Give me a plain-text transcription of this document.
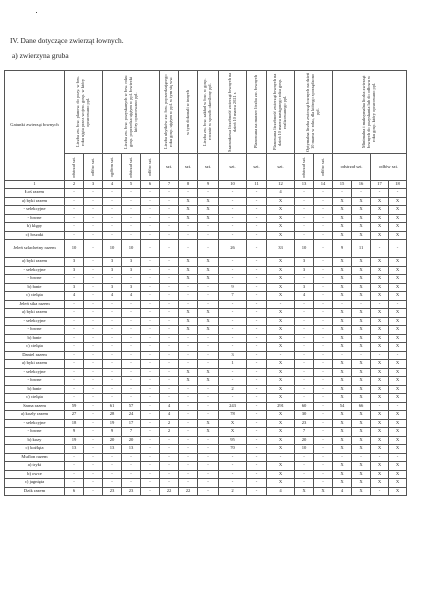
IV. Dane dotyczące zwierząt łownych.
a) zwierzyna gruba
Gatunki zwierząt łownych	Liczba zw. łow. planow. do pozy. w łow. roku ujęta przez wojew. gosp. w który opracowano ppl.		Liczba zw. łow. pozyskanych w łow. roku gosp. poprzedza ujętym w ppl. łowiecki który opracowano ppl.			Liczba ubytków zw. łow. poprzedzającego roku gosp. ujętym w ppl. w tym się ww.	w tym dokonali w innych	Liczba zw. łow. zakład w łow. w gosp. rocznie w sposób określony ppl.	Szacunkowa liczebność zwierząt łownych na dzień 10 marca 2021 r.	Planowana na marzec liczba zw. łownych	Planowana liczebność zwierząt łownych na dzień 10 marca następnego roku gosp. realizowanego ppl.	Optymalna liczba zwierząt łownych na dzień 10 marca w roku, dla którego sporządzono ppl.		Minimalna i maksymalna liczba zwierząt łownych do pozyskania lub do odłowu w roku gosp. który opracowano ppl.			

	odstrzał szt.	odłów szt.	ogółem szt.	odstrzał szt.	odłów szt.	szt.	szt.	szt.	szt.	szt.	szt.	odstrzał szt.	odłów szt.	odstrzał szt.		odłów szt.	
1	2	3	4	5	6	7	8	9	10	11	12	13	14	15	16	17	18
Łoś razem	-	-	-	-	-	-	-	-	-	-	4	-	-	-	-	-	-
a) byki razem	-	-	-	-	-	-	X	X	-	-	X	-	-	X	X	X	X
- selekcyjne	-	-	-	-	-	-	X	X	-	-	X	-	-	X	X	X	X
- łowne	-	-	-	-	-	-	X	X	-	-	X	-	-	X	X	X	X
b) klępy	-	-	-	-	-	-	-	-	-	-	X	-	-	X	X	X	X
c) łoszaki	-	-	-	-	-	-	-	-	-	-	X	-	-	X	X	X	X
Jeleń szlachetny razem	10	-	10	10	-	-	-	-	26	-	33	10	-	9	11	-	-
a) byki razem	3	-	3	3	-	-	X	X	-	-	X	3	-	X	X	X	X
- selekcyjne	3	-	3	3	-	-	X	X	-	-	X	3	-	X	X	X	X
- łowne	-	-	-	-	-	-	X	X	-	-	X	-	-	X	X	X	X
b) łanie	3	-	3	3	-	-	-	-	9	-	X	3	-	X	X	X	X
c) cielęta	4	-	4	4	-	-	-	-	7	-	X	4	-	X	X	X	X
Jeleń sika razem	-	-	-	-	-	-	-	-	-	-	-	-	-	-	-	-	-
a) byki razem	-	-	-	-	-	-	X	X	-	-	X	-	-	X	X	X	X
- selekcyjne	-	-	-	-	-	-	X	X	-	-	X	-	-	X	X	X	X
- łowne	-	-	-	-	-	-	X	X	-	-	X	-	-	X	X	X	X
b) łanie	-	-	-	-	-	-	-	-	-	-	X	-	-	X	X	X	X
c) cielęta	-	-	-	-	-	-	-	-	-	-	X	-	-	X	X	X	X
Daniel razem	-	-	-	-	-	-	-	-	3	-	-	-	-	-	-	-	-
a) byki razem	-	-	-	-	-	-	-	-	1	-	X	-	-	X	X	X	X
- selekcyjne	-	-	-	-	-	-	X	X	-	-	X	-	-	X	X	X	X
- łowne	-	-	-	-	-	-	X	X	-	-	X	-	-	X	X	X	X
b) łanie	-	-	-	-	-	-	-	-	2	-	X	-	-	X	X	X	X
c) cielęta	-	-	-	-	-	-	-	-	-	-	X	-	-	X	X	X	X
Sarna razem	59	-	61	57	-	4	-	-	243	-	291	60	-	54	66	-	-
a) kozły razem	27	-	28	24	-	4	-	-	78	-	X	30	-	X	X	X	X
- selekcyjne	18	-	19	17	-	2	-	X	X	-	X	23	-	X	X	X	X
- łowne	9	-	9	7	-	2	-	X	X	-	X	7	-	X	X	X	X
b) kozy	19	-	20	20	-	-	-	-	95	-	X	20	-	X	X	X	X
c) koźlęta	13	-	13	13	-	-	-	-	70	-	X	10	-	X	X	X	X
Muflon razem	-	-	-	-	-	-	-	-	-	-	-	-	-	-	-	-	-
a) tryki	-	-	-	-	-	-	-	-	-	-	X	-	-	X	X	X	X
b) owce	-	-	-	-	-	-	-	-	-	-	X	-	-	X	X	X	X
c) jagnięta	-	-	-	-	-	-	-	-	-	-	X	-	-	X	X	X	X
Dzik razem	6	-	23	23	-	22	22	-	2	-	4	X	X	4	X	-	X
